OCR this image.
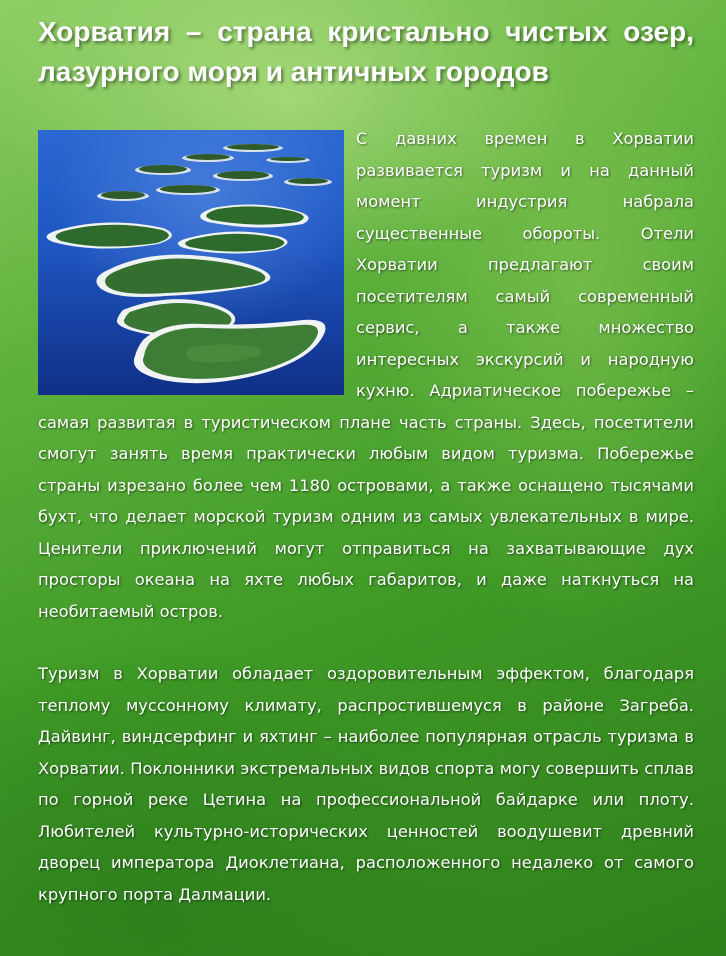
Хорватия – страна кристально чистых озер, лазурного моря и античных городов

С давних времен в Хорватии развивается туризм и на данный момент индустрия набрала существенные обороты. Отели Хорватии предлагают своим посетителям самый современный сервис, а также множество интересных экскурсий и народную кухню. Адриатическое побережье – самая развитая в туристическом плане часть страны. Здесь, посетители смогут занять время практически любым видом туризма. Побережье страны изрезано более чем 1180 островами, а также оснащено тысячами бухт, что делает морской туризм одним из самых увлекательных в мире. Ценители приключений могут отправиться на захватывающие дух просторы океана на яхте любых габаритов, и даже наткнуться на необитаемый остров.

Туризм в Хорватии обладает оздоровительным эффектом, благодаря теплому муссонному климату, распростившемуся в районе Загреба. Дайвинг, виндсерфинг и яхтинг – наиболее популярная отрасль туризма в Хорватии. Поклонники экстремальных видов спорта могу совершить сплав по горной реке Цетина на профессиональной байдарке или плоту. Любителей культурно-исторических ценностей воодушевит древний дворец императора Диоклетиана, расположенного недалеко от самого крупного порта Далмации.
